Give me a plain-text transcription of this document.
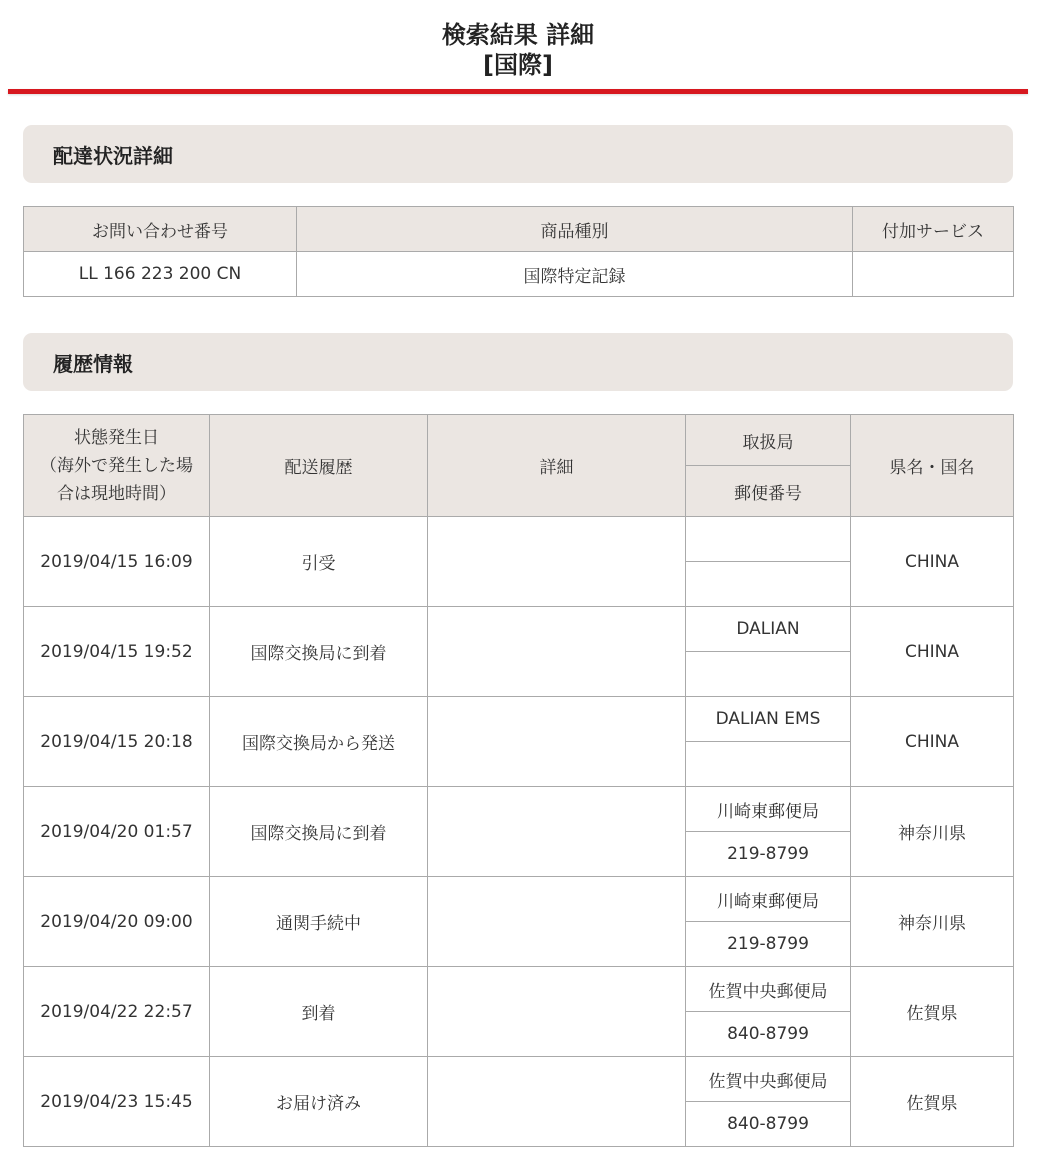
検索結果 詳細
[国際]
配達状況詳細
お問い合わせ番号	商品種別	付加サービス
LL 166 223 200 CN	国際特定記録	
履歴情報
状態発生日
（海外で発生した場
合は現地時間）	配送履歴	詳細	取扱局	県名・国名
			郵便番号	
2019/04/15 16:09	引受			CHINA

2019/04/15 19:52	国際交換局に到着		DALIAN	CHINA

2019/04/15 20:18	国際交換局から発送		DALIAN EMS	CHINA

2019/04/20 01:57	国際交換局に到着		川崎東郵便局	神奈川県
			219-8799	
2019/04/20 09:00	通関手続中		川崎東郵便局	神奈川県
			219-8799	
2019/04/22 22:57	到着		佐賀中央郵便局	佐賀県
			840-8799	
2019/04/23 15:45	お届け済み		佐賀中央郵便局	佐賀県
			840-8799	
